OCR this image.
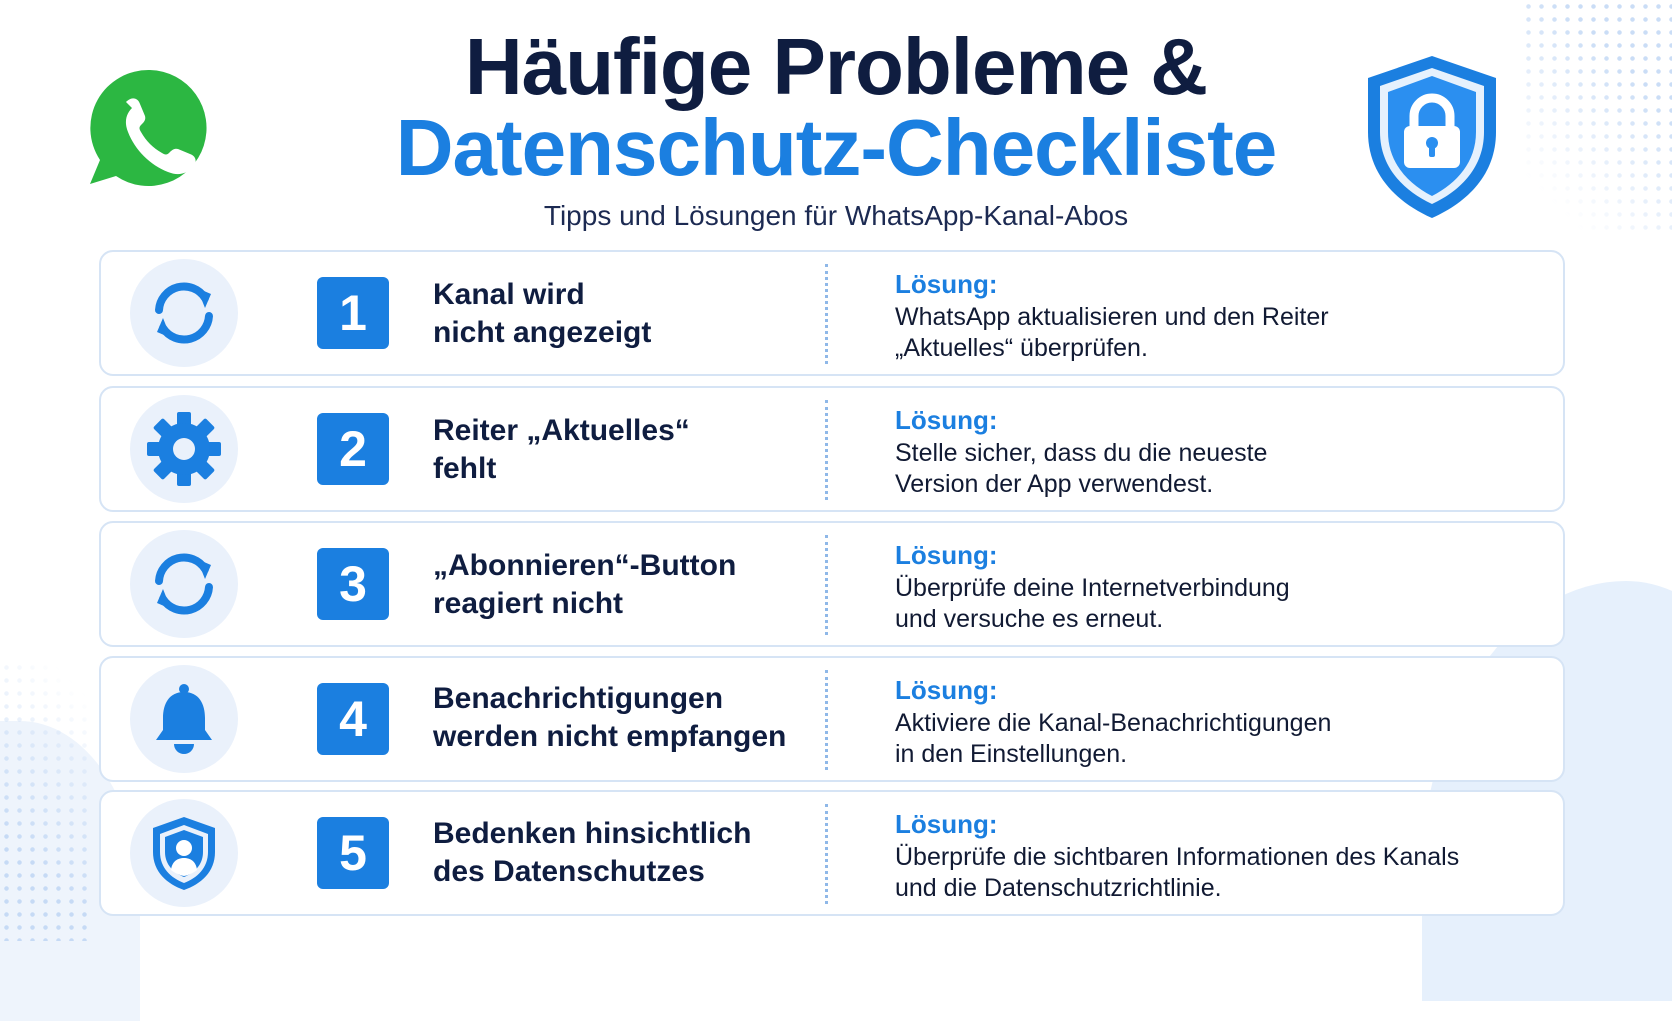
Häufige Probleme &
Datenschutz-Checkliste
Tipps und Lösungen für WhatsApp-Kanal-Abos
1	Kanal wird
nicht angezeigt
Lösung:
WhatsApp aktualisieren und den Reiter
„Aktuelles“ überprüfen.
2	Reiter „Aktuelles“
fehlt
Lösung:
Stelle sicher, dass du die neueste
Version der App verwendest.
3	„Abonnieren“-Button
reagiert nicht
Lösung:
Überprüfe deine Internetverbindung
und versuche es erneut.
4	Benachrichtigungen
werden nicht empfangen
Lösung:
Aktiviere die Kanal-Benachrichtigungen
in den Einstellungen.
5	Bedenken hinsichtlich
des Datenschutzes
Lösung:
Überprüfe die sichtbaren Informationen des Kanals
und die Datenschutzrichtlinie.
